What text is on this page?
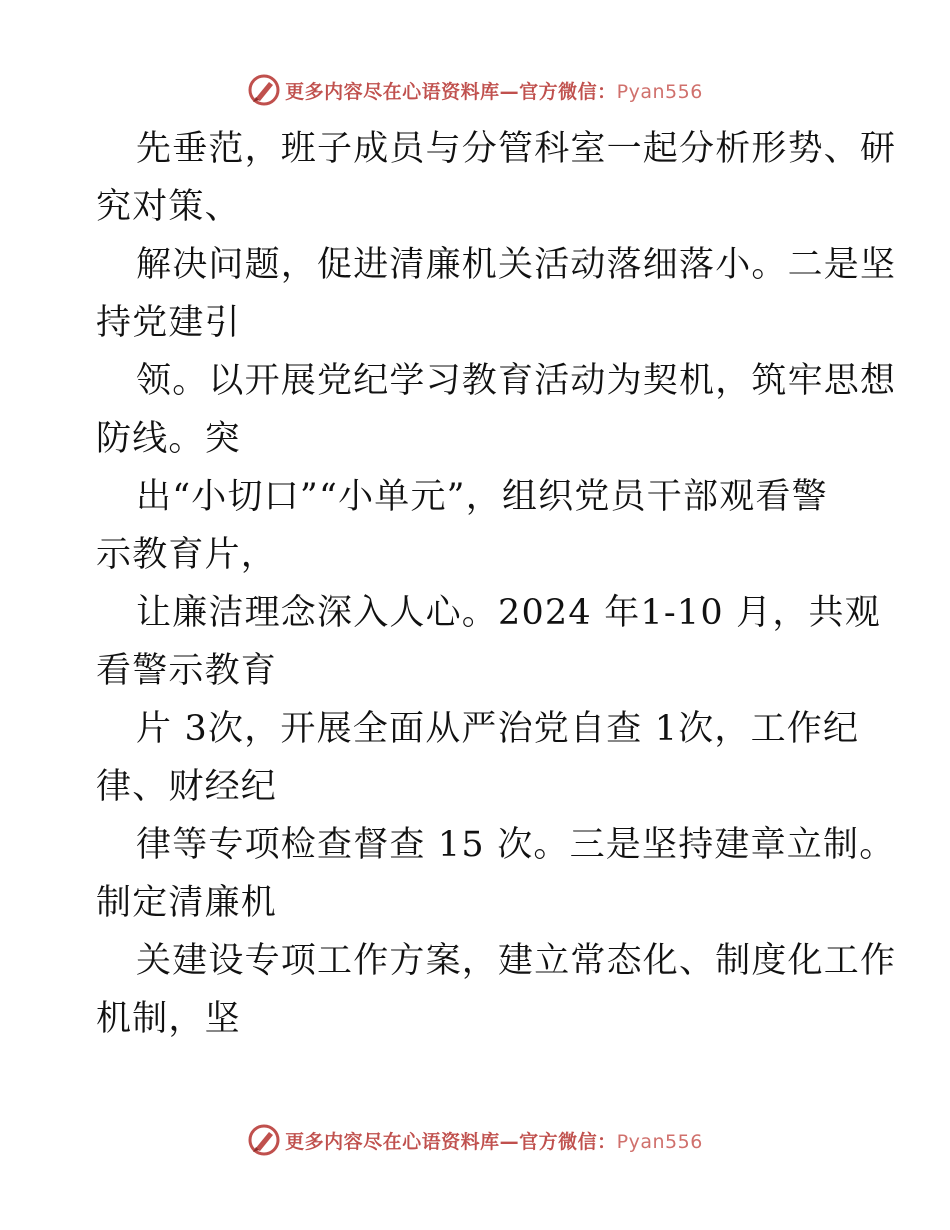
更多内容尽在心语资料库—官方微信：Pyan556
先垂范，班子成员与分管科室一起分析形势、研
究对策、
解决问题，促进清廉机关活动落细落小。二是坚
持党建引
领。以开展党纪学习教育活动为契机，筑牢思想
防线。突
出“小切口”“小单元”，组织党员干部观看警
示教育片，
让廉洁理念深入人心。2024 年1-10 月，共观
看警示教育
片 3次，开展全面从严治党自查 1次，工作纪
律、财经纪
律等专项检查督查 15 次。三是坚持建章立制。
制定清廉机
关建设专项工作方案，建立常态化、制度化工作
机制，坚
更多内容尽在心语资料库—官方微信：Pyan556
